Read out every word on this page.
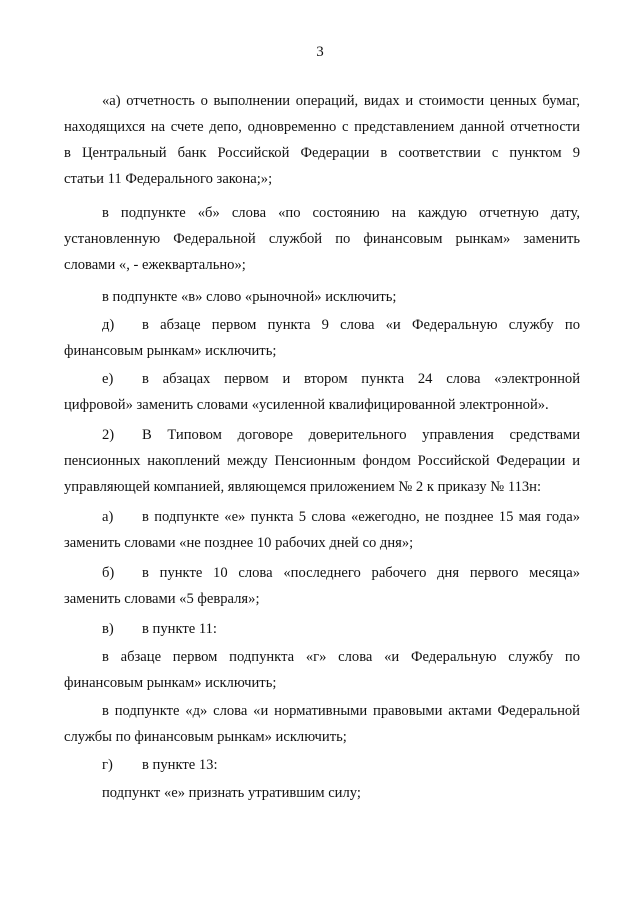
3
«а) отчетность о выполнении операций, видах и стоимости ценных бумаг,
находящихся на счете депо, одновременно с представлением данной отчетности
в Центральный банк Российской Федерации в соответствии с пунктом 9
статьи 11 Федерального закона;»;
в подпункте «б» слова «по состоянию на каждую отчетную дату,
установленную Федеральной службой по финансовым рынкам» заменить
словами «, - ежеквартально»;
в подпункте «в» слово «рыночной» исключить;
д) в абзаце первом пункта 9 слова «и Федеральную службу по
финансовым рынкам» исключить;
е) в абзацах первом и втором пункта 24 слова «электронной
цифровой» заменить словами «усиленной квалифицированной электронной».
2) В Типовом договоре доверительного управления средствами
пенсионных накоплений между Пенсионным фондом Российской Федерации и
управляющей компанией, являющемся приложением № 2 к приказу № 113н:
а) в подпункте «е» пункта 5 слова «ежегодно, не позднее 15 мая года»
заменить словами «не позднее 10 рабочих дней со дня»;
б) в пункте 10 слова «последнего рабочего дня первого месяца»
заменить словами «5 февраля»;
в) в пункте 11:
в абзаце первом подпункта «г» слова «и Федеральную службу по
финансовым рынкам» исключить;
в подпункте «д» слова «и нормативными правовыми актами Федеральной
службы по финансовым рынкам» исключить;
г) в пункте 13:
подпункт «е» признать утратившим силу;
